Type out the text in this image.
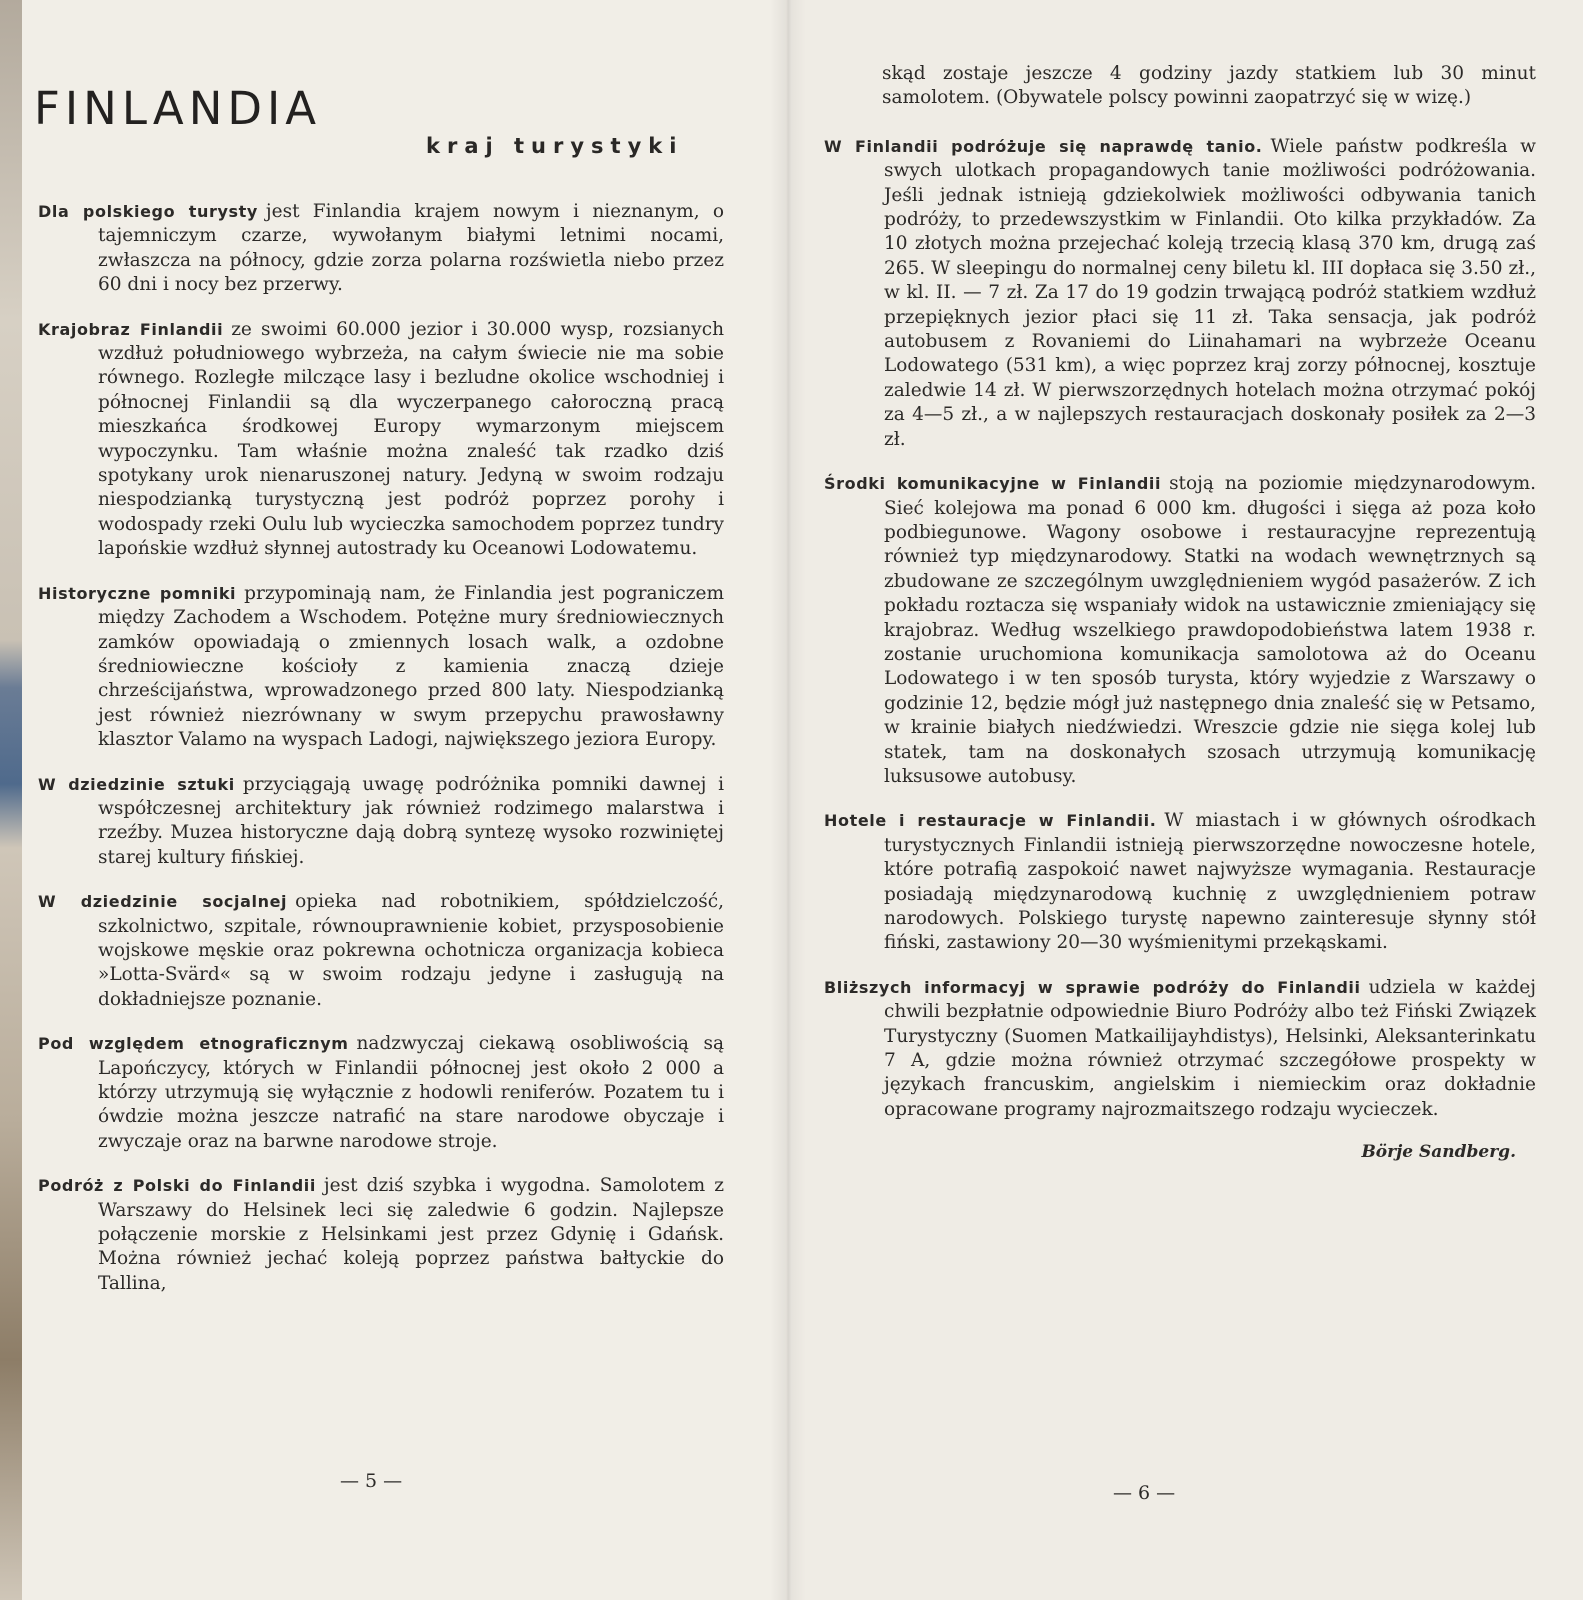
FINLANDIA
kraj turystyki

Dla polskiego turysty jest Finlandia krajem nowym i nieznanym, o tajemniczym czarze, wywołanym białymi letnimi nocami, zwłaszcza na północy, gdzie zorza polarna rozświetla niebo przez 60 dni i nocy bez przerwy.

Krajobraz Finlandii ze swoimi 60.000 jezior i 30.000 wysp, rozsianych wzdłuż południowego wybrzeża, na całym świecie nie ma sobie równego. Rozległe milczące lasy i bezludne okolice wschodniej i północnej Finlandii są dla wyczerpanego całoroczną pracą mieszkańca środkowej Europy wymarzonym miejscem wypoczynku. Tam właśnie można znaleść tak rzadko dziś spotykany urok nienaruszonej natury. Jedyną w swoim rodzaju niespodzianką turystyczną jest podróż poprzez porohy i wodospady rzeki Oulu lub wycieczka samochodem poprzez tundry lapońskie wzdłuż słynnej autostrady ku Oceanowi Lodowatemu.

Historyczne pomniki przypominają nam, że Finlandia jest pograniczem między Zachodem a Wschodem. Potężne mury średniowiecznych zamków opowiadają o zmiennych losach walk, a ozdobne średniowieczne kościoły z kamienia znaczą dzieje chrześcijaństwa, wprowadzonego przed 800 laty. Niespodzianką jest również niezrównany w swym przepychu prawosławny klasztor Valamo na wyspach Ladogi, największego jeziora Europy.

W dziedzinie sztuki przyciągają uwagę podróżnika pomniki dawnej i współczesnej architektury jak również rodzimego malarstwa i rzeźby. Muzea historyczne dają dobrą syntezę wysoko rozwiniętej starej kultury fińskiej.

W dziedzinie socjalnej opieka nad robotnikiem, spółdzielczość, szkolnictwo, szpitale, równouprawnienie kobiet, przysposobienie wojskowe męskie oraz pokrewna ochotnicza organizacja kobieca »Lotta-Svärd« są w swoim rodzaju jedyne i zasługują na dokładniejsze poznanie.

Pod względem etnograficznym nadzwyczaj ciekawą osobliwością są Lapończycy, których w Finlandii północnej jest około 2 000 a którzy utrzymują się wyłącznie z hodowli reniferów. Pozatem tu i ówdzie można jeszcze natrafić na stare narodowe obyczaje i zwyczaje oraz na barwne narodowe stroje.

Podróż z Polski do Finlandii jest dziś szybka i wygodna. Samolotem z Warszawy do Helsinek leci się zaledwie 6 godzin. Najlepsze połączenie morskie z Helsinkami jest przez Gdynię i Gdańsk. Można również jechać koleją poprzez państwa bałtyckie do Tallina,

— 5 —

skąd zostaje jeszcze 4 godziny jazdy statkiem lub 30 minut samolotem. (Obywatele polscy powinni zaopatrzyć się w wizę.)

W Finlandii podróżuje się naprawdę tanio. Wiele państw podkreśla w swych ulotkach propagandowych tanie możliwości podróżowania. Jeśli jednak istnieją gdziekolwiek możliwości odbywania tanich podróży, to przedewszystkim w Finlandii. Oto kilka przykładów. Za 10 złotych można przejechać koleją trzecią klasą 370 km, drugą zaś 265. W sleepingu do normalnej ceny biletu kl. III dopłaca się 3.50 zł., w kl. II. — 7 zł. Za 17 do 19 godzin trwającą podróż statkiem wzdłuż przepięknych jezior płaci się 11 zł. Taka sensacja, jak podróż autobusem z Rovaniemi do Liinahamari na wybrzeże Oceanu Lodowatego (531 km), a więc poprzez kraj zorzy północnej, kosztuje zaledwie 14 zł. W pierwszorzędnych hotelach można otrzymać pokój za 4—5 zł., a w najlepszych restauracjach doskonały posiłek za 2—3 zł.

Środki komunikacyjne w Finlandii stoją na poziomie międzynarodowym. Sieć kolejowa ma ponad 6 000 km. długości i sięga aż poza koło podbiegunowe. Wagony osobowe i restauracyjne reprezentują również typ międzynarodowy. Statki na wodach wewnętrznych są zbudowane ze szczególnym uwzględnieniem wygód pasażerów. Z ich pokładu roztacza się wspaniały widok na ustawicznie zmieniający się krajobraz. Według wszelkiego prawdopodobieństwa latem 1938 r. zostanie uruchomiona komunikacja samolotowa aż do Oceanu Lodowatego i w ten sposób turysta, który wyjedzie z Warszawy o godzinie 12, będzie mógł już następnego dnia znaleść się w Petsamo, w krainie białych niedźwiedzi. Wreszcie gdzie nie sięga kolej lub statek, tam na doskonałych szosach utrzymują komunikację luksusowe autobusy.

Hotele i restauracje w Finlandii. W miastach i w głównych ośrodkach turystycznych Finlandii istnieją pierwszorzędne nowoczesne hotele, które potrafią zaspokoić nawet najwyższe wymagania. Restauracje posiadają międzynarodową kuchnię z uwzględnieniem potraw narodowych. Polskiego turystę napewno zainteresuje słynny stół fiński, zastawiony 20—30 wyśmienitymi przekąskami.

Bliższych informacyj w sprawie podróży do Finlandii udziela w każdej chwili bezpłatnie odpowiednie Biuro Podróży albo też Fiński Związek Turystyczny (Suomen Matkailijayhdistys), Helsinki, Aleksanterinkatu 7 A, gdzie można również otrzymać szczegółowe prospekty w językach francuskim, angielskim i niemieckim oraz dokładnie opracowane programy najrozmaitszego rodzaju wycieczek.

Börje Sandberg.
— 6 —
